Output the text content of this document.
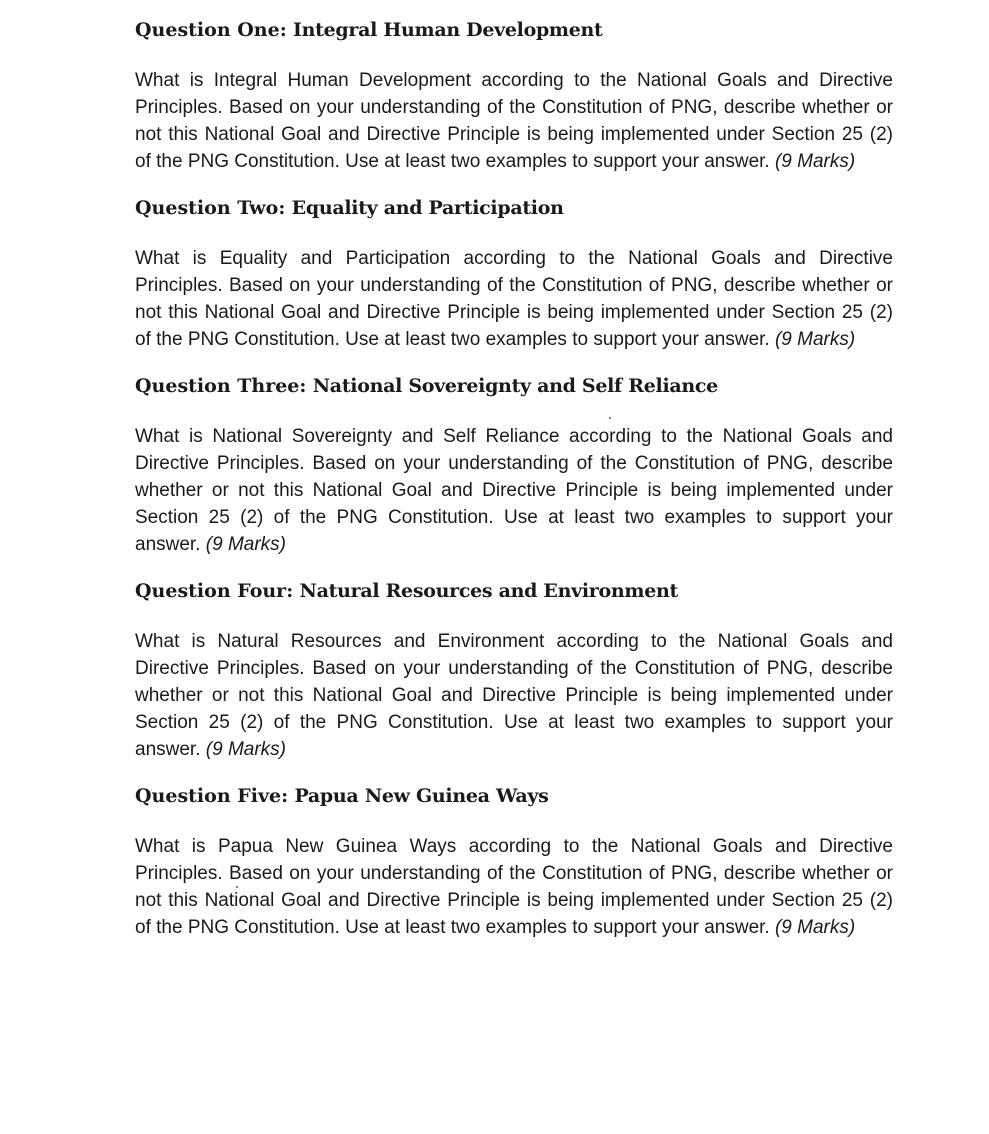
Question One: Integral Human Development

What is Integral Human Development according to the National Goals and Directive Principles. Based on your understanding of the Constitution of PNG, describe whether or not this National Goal and Directive Principle is being implemented under Section 25 (2) of the PNG Constitution. Use at least two examples to support your answer. (9 Marks)

Question Two: Equality and Participation

What is Equality and Participation according to the National Goals and Directive Principles. Based on your understanding of the Constitution of PNG, describe whether or not this National Goal and Directive Principle is being implemented under Section 25 (2) of the PNG Constitution. Use at least two examples to support your answer. (9 Marks)

Question Three: National Sovereignty and Self Reliance

What is National Sovereignty and Self Reliance according to the National Goals and Directive Principles. Based on your understanding of the Constitution of PNG, describe whether or not this National Goal and Directive Principle is being implemented under Section 25 (2) of the PNG Constitution. Use at least two examples to support your answer. (9 Marks)

Question Four: Natural Resources and Environment

What is Natural Resources and Environment according to the National Goals and Directive Principles. Based on your understanding of the Constitution of PNG, describe whether or not this National Goal and Directive Principle is being implemented under Section 25 (2) of the PNG Constitution. Use at least two examples to support your answer. (9 Marks)

Question Five: Papua New Guinea Ways

What is Papua New Guinea Ways according to the National Goals and Directive Principles. Based on your understanding of the Constitution of PNG, describe whether or not this National Goal and Directive Principle is being implemented under Section 25 (2) of the PNG Constitution. Use at least two examples to support your answer. (9 Marks)
